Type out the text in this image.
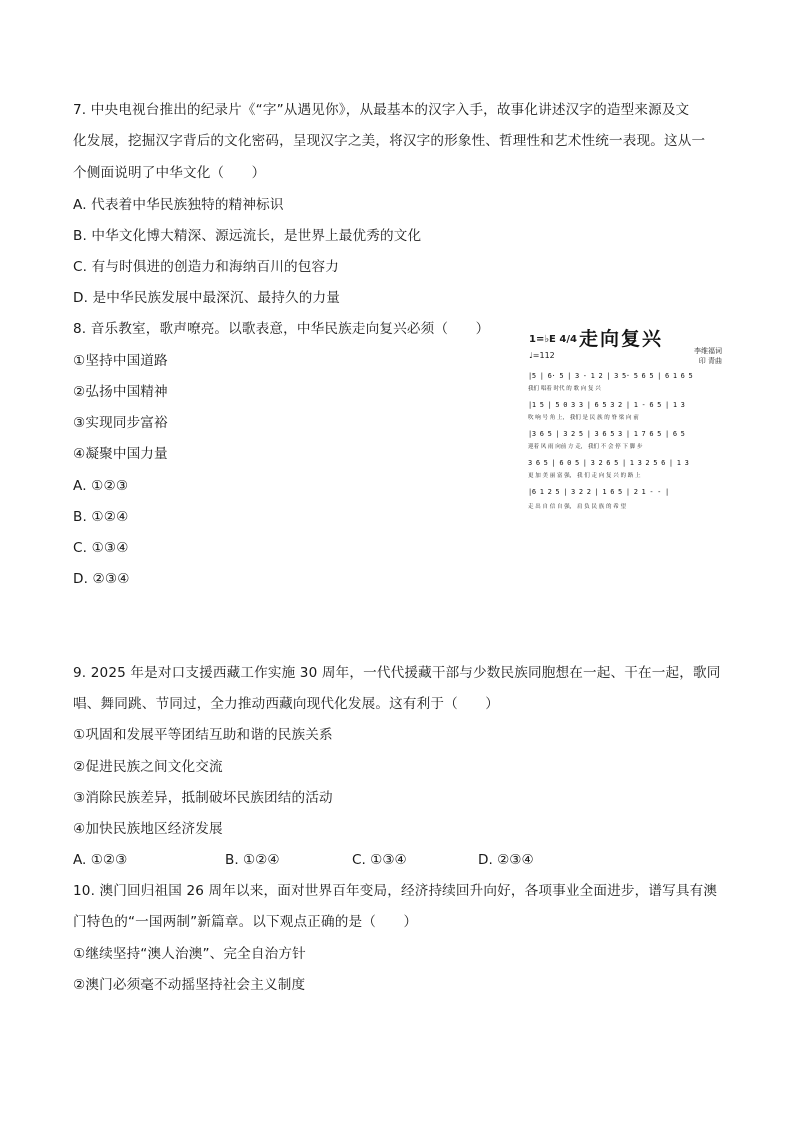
7. 中央电视台推出的纪录片《“字”从遇见你》，从最基本的汉字入手，故事化讲述汉字的造型来源及文
化发展，挖掘汉字背后的文化密码，呈现汉字之美，将汉字的形象性、哲理性和艺术性统一表现。这从一
个侧面说明了中华文化（　　）
A. 代表着中华民族独特的精神标识
B. 中华文化博大精深、源远流长，是世界上最优秀的文化
C. 有与时俱进的创造力和海纳百川的包容力
D. 是中华民族发展中最深沉、最持久的力量
8. 音乐教室，歌声嘹亮。以歌表意，中华民族走向复兴必须（　　）
①坚持中国道路
②弘扬中国精神
③实现同步富裕
④凝聚中国力量
A. ①②③
B. ①②④
C. ①③④
D. ②③④
1=♭E 4/4 走向复兴
♩=112	李维福词
印 青曲
|5 | 6· 5 | 3 - 1 2 | 3 5· 5 6 5 | 6 1 6 5
我们 唱着 时代 的 歌 向 复 兴
|1 5 | 5 0 3 3 | 6 5 3 2 | 1 - 6 5 | 1 3
吹 响 号 角 上， 我们 是 民 族 的 脊 梁 向 前
|3 6 5 | 3 2 5 | 3 6 5 3 | 1 7 6 5 | 6 5
迎着 风 雨 向前 方 走， 我们 不 会 停 下 脚 步
3 6 5 | 6 0 5 | 3 2 6 5 | 1 3 2 5 6 | 1 3
更 加 美 丽 富 强， 我 们 走 向 复 兴 的 路 上
|6 1 2 5 | 3 2 2 | 1 6 5 | 2 1 - - |
走 出 自 信 自 强， 肩 负 民 族 的 希 望
9. 2025 年是对口支援西藏工作实施 30 周年，一代代援藏干部与少数民族同胞想在一起、干在一起，歌同
唱、舞同跳、节同过，全力推动西藏向现代化发展。这有利于（　　）
①巩固和发展平等团结互助和谐的民族关系
②促进民族之间文化交流
③消除民族差异，抵制破坏民族团结的活动
④加快民族地区经济发展
A. ①②③	B. ①②④	C. ①③④	D. ②③④
10. 澳门回归祖国 26 周年以来，面对世界百年变局，经济持续回升向好，各项事业全面进步，谱写具有澳
门特色的“一国两制”新篇章。以下观点正确的是（　　）
①继续坚持“澳人治澳”、完全自治方针
②澳门必须毫不动摇坚持社会主义制度
